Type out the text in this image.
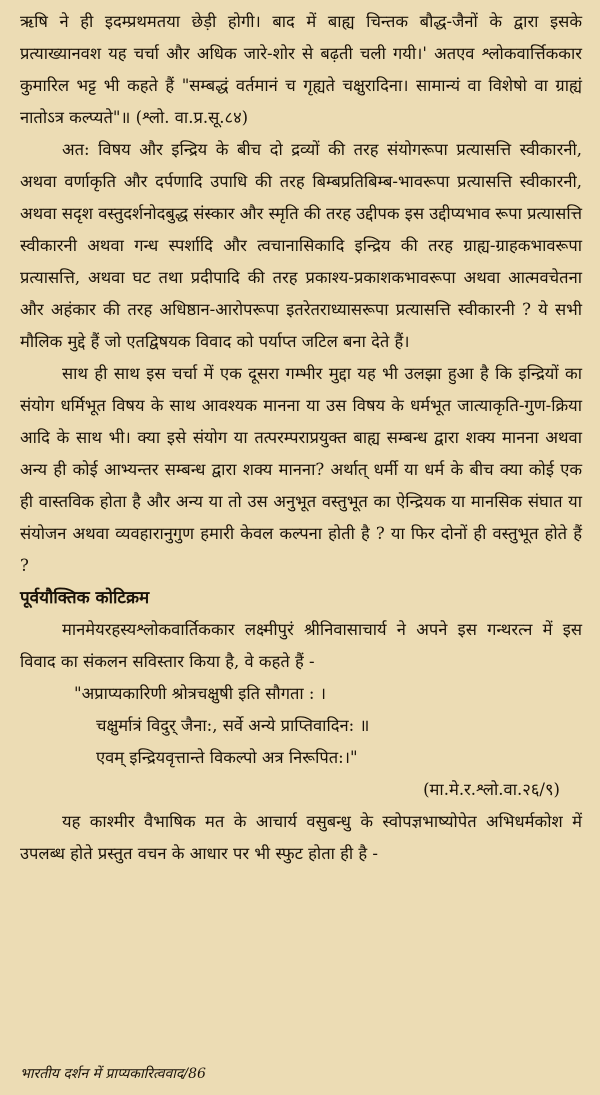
ऋषि ने ही इदम्प्रथमतया छेड़ी होगी। बाद में बाह्य चिन्तक बौद्ध-जैनों के द्वारा इसके प्रत्याख्यानवश यह चर्चा और अधिक जारे-शोर से बढ़ती चली गयी।' अतएव श्लोकवार्त्तिककार कुमारिल भट्ट भी कहते हैं "सम्बद्धं वर्तमानं च गृह्यते चक्षुरादिना। सामान्यं वा विशेषो वा ग्राह्यं नातोऽत्र कल्प्यते"॥ (श्लो. वा.प्र.सू.८४)

अत: विषय और इन्द्रिय के बीच दो द्रव्यों की तरह संयोगरूपा प्रत्यासत्ति स्वीकारनी, अथवा वर्णाकृति और दर्पणादि उपाधि की तरह बिम्बप्रतिबिम्ब-भावरूपा प्रत्यासत्ति स्वीकारनी, अथवा सदृश वस्तुदर्शनोदबुद्ध संस्कार और स्मृति की तरह उद्दीपक इस उद्दीप्यभाव रूपा प्रत्यासत्ति स्वीकारनी अथवा गन्ध स्पर्शादि और त्वचानासिकादि इन्द्रिय की तरह ग्राह्य-ग्राहकभावरूपा प्रत्यासत्ति, अथवा घट तथा प्रदीपादि की तरह प्रकाश्य-प्रकाशकभावरूपा अथवा आत्मवचेतना और अहंकार की तरह अधिष्ठान-आरोपरूपा इतरेतराध्यासरूपा प्रत्यासत्ति स्वीकारनी ? ये सभी मौलिक मुद्दे हैं जो एतद्विषयक विवाद को पर्याप्त जटिल बना देते हैं।

साथ ही साथ इस चर्चा में एक दूसरा गम्भीर मुद्दा यह भी उलझा हुआ है कि इन्द्रियों का संयोग धर्मिभूत विषय के साथ आवश्यक मानना या उस विषय के धर्मभूत जात्याकृति-गुण-क्रिया आदि के साथ भी। क्या इसे संयोग या तत्परम्पराप्रयुक्त बाह्य सम्बन्ध द्वारा शक्य मानना अथवा अन्य ही कोई आभ्यन्तर सम्बन्ध द्वारा शक्य मानना? अर्थात् धर्मी या धर्म के बीच क्या कोई एक ही वास्तविक होता है और अन्य या तो उस अनुभूत वस्तुभूत का ऐन्द्रियक या मानसिक संघात या संयोजन अथवा व्यवहारानुगुण हमारी केवल कल्पना होती है ? या फिर दोनों ही वस्तुभूत होते हैं ?

पूर्वयौक्तिक कोटिक्रम

मानमेयरहस्यश्लोकवार्तिककार लक्ष्मीपुरं श्रीनिवासाचार्य ने अपने इस गन्थरत्न में इस विवाद का संकलन सविस्तार किया है, वे कहते हैं -

"अप्राप्यकारिणी श्रोत्रचक्षुषी इति सौगता : ।

चक्षुर्मात्रं विदुर् जैना:, सर्वे अन्ये प्राप्तिवादिन: ॥

एवम् इन्द्रियवृत्तान्ते विकल्पो अत्र निरूपित:।"

(मा.मे.र.श्लो.वा.२६/९)

यह काश्मीर वैभाषिक मत के आचार्य वसुबन्धु के स्वोपज्ञभाष्योपेत अभिधर्मकोश में उपलब्ध होते प्रस्तुत वचन के आधार पर भी स्फुट होता ही है -

भारतीय दर्शन में प्राप्यकारित्ववाद/86
